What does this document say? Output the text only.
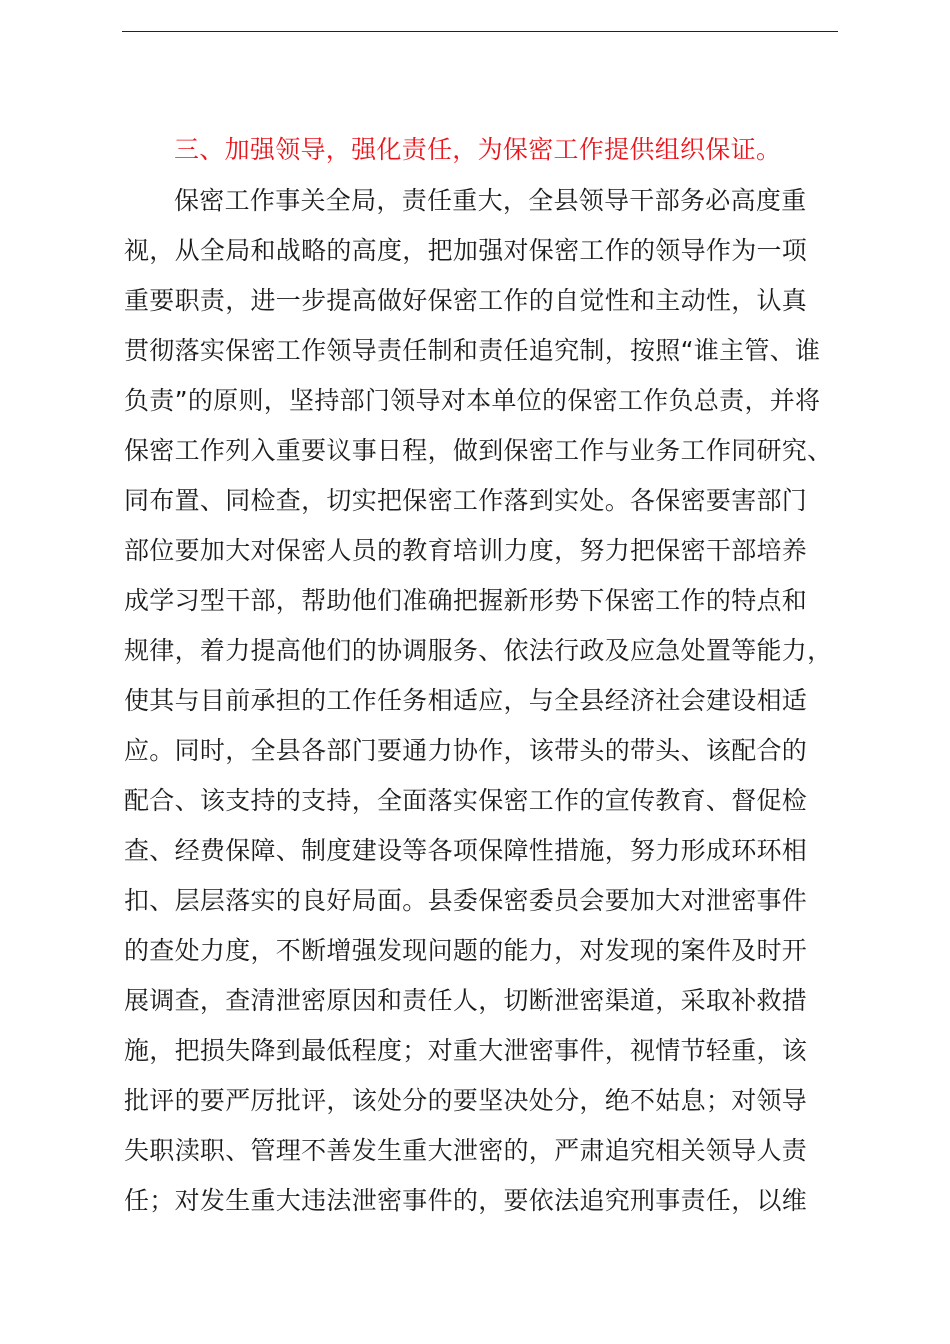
三、加强领导，强化责任，为保密工作提供组织保证。
保密工作事关全局，责任重大，全县领导干部务必高度重
视，从全局和战略的高度，把加强对保密工作的领导作为一项
重要职责，进一步提高做好保密工作的自觉性和主动性，认真
贯彻落实保密工作领导责任制和责任追究制，按照“谁主管、谁
负责”的原则，坚持部门领导对本单位的保密工作负总责，并将
保密工作列入重要议事日程，做到保密工作与业务工作同研究、
同布置、同检查，切实把保密工作落到实处。各保密要害部门
部位要加大对保密人员的教育培训力度，努力把保密干部培养
成学习型干部，帮助他们准确把握新形势下保密工作的特点和
规律，着力提高他们的协调服务、依法行政及应急处置等能力，
使其与目前承担的工作任务相适应，与全县经济社会建设相适
应。同时，全县各部门要通力协作，该带头的带头、该配合的
配合、该支持的支持，全面落实保密工作的宣传教育、督促检
查、经费保障、制度建设等各项保障性措施，努力形成环环相
扣、层层落实的良好局面。县委保密委员会要加大对泄密事件
的查处力度，不断增强发现问题的能力，对发现的案件及时开
展调查，查清泄密原因和责任人，切断泄密渠道，采取补救措
施，把损失降到最低程度；对重大泄密事件，视情节轻重，该
批评的要严厉批评，该处分的要坚决处分，绝不姑息；对领导
失职渎职、管理不善发生重大泄密的，严肃追究相关领导人责
任；对发生重大违法泄密事件的，要依法追究刑事责任，以维
